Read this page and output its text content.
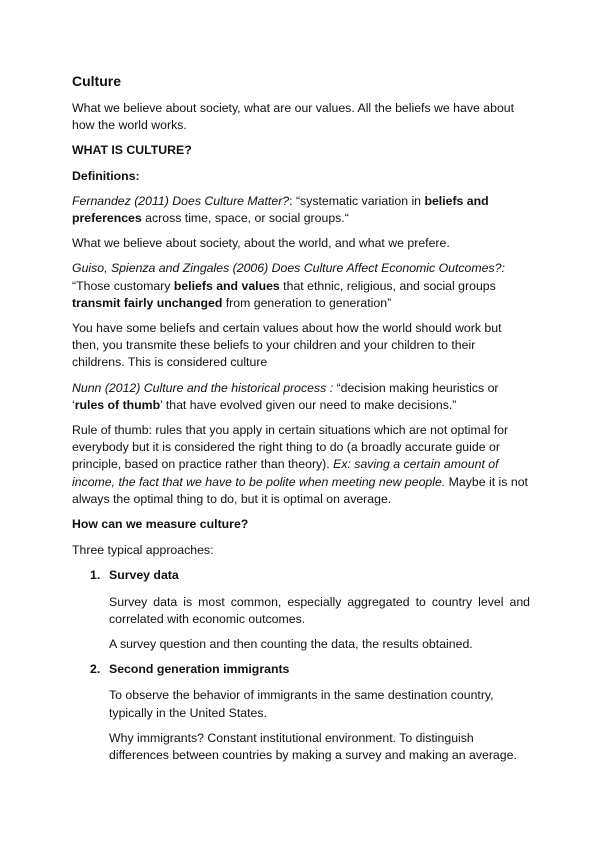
Culture

What we believe about society, what are our values. All the beliefs we have about how the world works.

WHAT IS CULTURE?

Definitions:

Fernandez (2011) Does Culture Matter?: “systematic variation in beliefs and preferences across time, space, or social groups.“

What we believe about society, about the world, and what we prefere.

Guiso, Spienza and Zingales (2006) Does Culture Affect Economic Outcomes?:
“Those customary beliefs and values that ethnic, religious, and social groups transmit fairly unchanged from generation to generation”

You have some beliefs and certain values about how the world should work but then, you transmite these beliefs to your children and your children to their childrens. This is considered culture

Nunn (2012) Culture and the historical process : “decision making heuristics or ‘rules of thumb’ that have evolved given our need to make decisions.”

Rule of thumb: rules that you apply in certain situations which are not optimal for everybody but it is considered the right thing to do (a broadly accurate guide or principle, based on practice rather than theory). Ex: saving a certain amount of income, the fact that we have to be polite when meeting new people. Maybe it is not always the optimal thing to do, but it is optimal on average.

How can we measure culture?

Three typical approaches:

1. Survey data

Survey data is most common, especially aggregated to country level and correlated with economic outcomes.

A survey question and then counting the data, the results obtained.

2. Second generation immigrants

To observe the behavior of immigrants in the same destination country, typically in the United States.

Why immigrants? Constant institutional environment. To distinguish differences between countries by making a survey and making an average.
